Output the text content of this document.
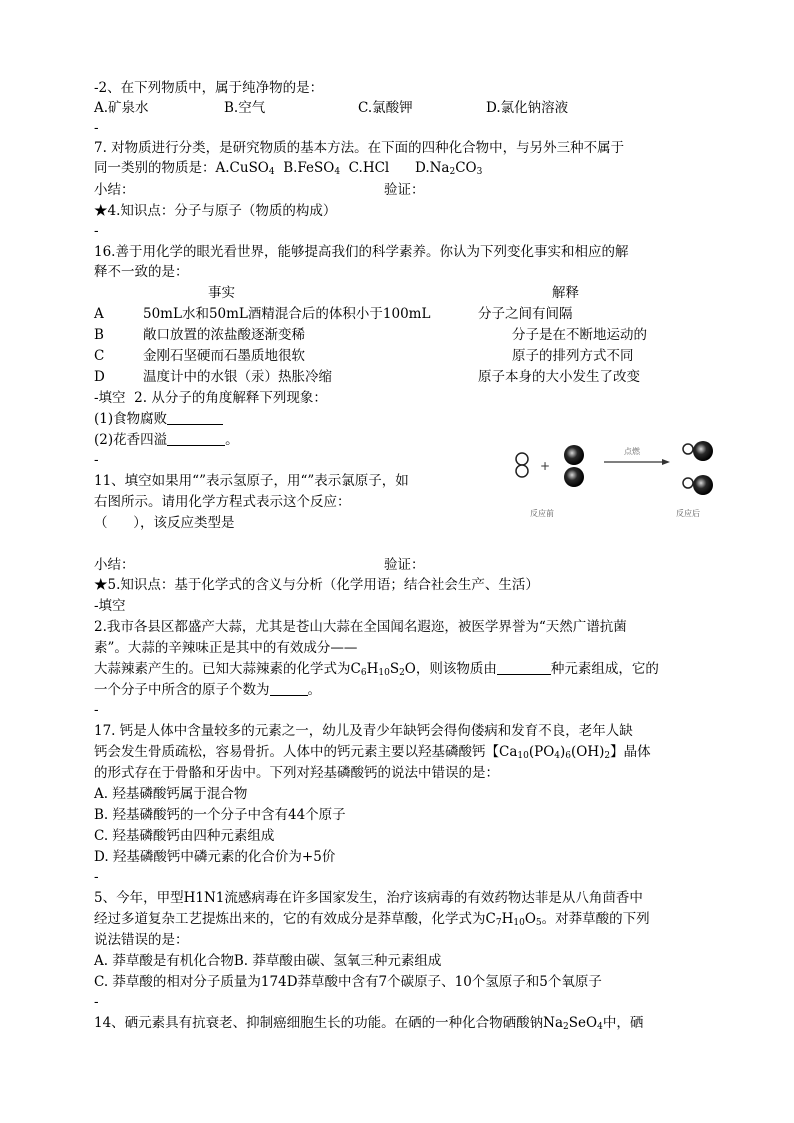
-2、在下列物质中，属于纯净物的是：
A.矿泉水	B.空气	C.氯酸钾	D.氯化钠溶液
-
7. 对物质进行分类，是研究物质的基本方法。在下面的四种化合物中，与另外三种不属于
同一类别的物质是：A.CuSO$_4$  B.FeSO$_4$  C.HCl      $D.Na_2CO_3$
小结：	验证：
★4.知识点：分子与原子（物质的构成）
-
16.善于用化学的眼光看世界，能够提高我们的科学素养。你认为下列变化事实和相应的解
释不一致的是：
事实	解释
A	50mL水和50mL酒精混合后的体积小于100mL	分子之间有间隔
B	敞口放置的浓盐酸逐渐变稀	分子是在不断地运动的
C	金刚石坚硬而石墨质地很软	原子的排列方式不同
D	温度计中的水银（汞）热胀冷缩	原子本身的大小发生了改变
-填空  2. 从分子的角度解释下列现象：
(1)食物腐败
(2)花香四溢	。
-
11、填空如果用“”表示氢原子，用“”表示氯原子，如
右图所示。请用化学方程式表示这个反应：
（      ），该反应类型是
+
点燃
反应前	反应后
小结：	验证：
★5.知识点：基于化学式的含义与分析（化学用语；结合社会生产、生活）
-填空
2.我市各县区都盛产大蒜，尤其是苍山大蒜在全国闻名遐迩，被医学界誉为“天然广谱抗菌
素”。大蒜的辛辣味正是其中的有效成分——
大蒜辣素产生的。已知大蒜辣素的化学式为$C_6H_{10}S_2O$，则该物质由	种元素组成，它的
一个分子中所含的原子个数为	。
-
17. 钙是人体中含量较多的元素之一，幼儿及青少年缺钙会得佝偻病和发育不良，老年人缺
钙会发生骨质疏松，容易骨折。人体中的钙元素主要以羟基磷酸钙【$Ca_{10}(PO_4)_6(OH)_2$】晶体
的形式存在于骨骼和牙齿中。下列对羟基磷酸钙的说法中错误的是：
A. 羟基磷酸钙属于混合物
B. 羟基磷酸钙的一个分子中含有44个原子
C. 羟基磷酸钙由四种元素组成
D. 羟基磷酸钙中磷元素的化合价为+5价
-
5、今年，甲型H1N1流感病毒在许多国家发生，治疗该病毒的有效药物达菲是从八角茴香中
经过多道复杂工艺提炼出来的，它的有效成分是莽草酸，化学式为$C_7H_{10}O_5$。对莽草酸的下列
说法错误的是：
A. 莽草酸是有机化合物B. 莽草酸由碳、氢氧三种元素组成
C. 莽草酸的相对分子质量为174D莽草酸中含有7个碳原子、10个氢原子和5个氧原子
-
14、硒元素具有抗衰老、抑制癌细胞生长的功能。在硒的一种化合物硒酸钠$Na_2SeO_4$中，硒
